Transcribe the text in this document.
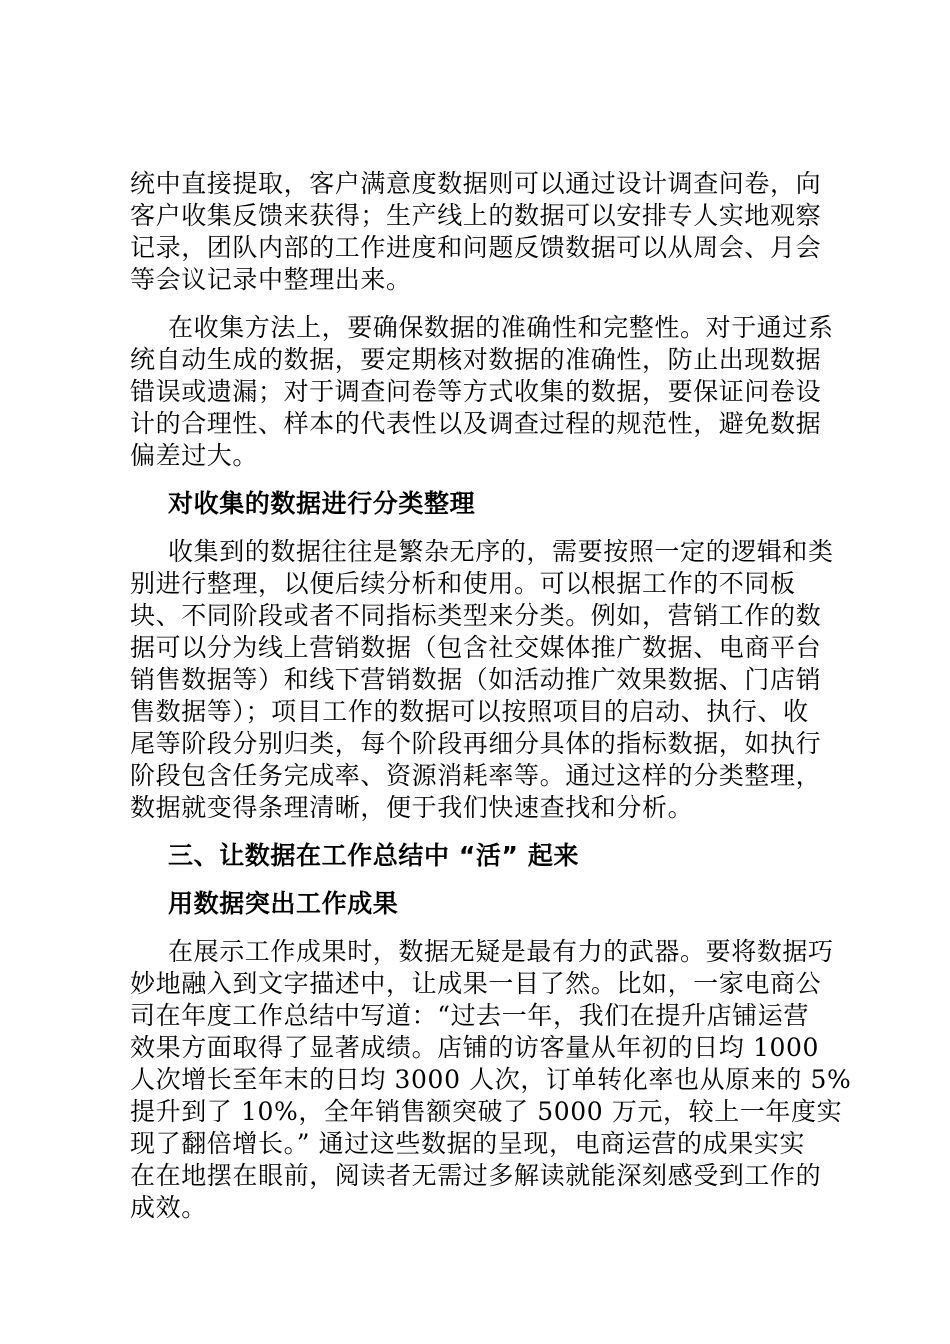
统中直接提取，客户满意度数据则可以通过设计调查问卷，向
客户收集反馈来获得；生产线上的数据可以安排专人实地观察
记录，团队内部的工作进度和问题反馈数据可以从周会、月会
等会议记录中整理出来。
在收集方法上，要确保数据的准确性和完整性。对于通过系
统自动生成的数据，要定期核对数据的准确性，防止出现数据
错误或遗漏；对于调查问卷等方式收集的数据，要保证问卷设
计的合理性、样本的代表性以及调查过程的规范性，避免数据
偏差过大。
对收集的数据进行分类整理
收集到的数据往往是繁杂无序的，需要按照一定的逻辑和类
别进行整理，以便后续分析和使用。可以根据工作的不同板
块、不同阶段或者不同指标类型来分类。例如，营销工作的数
据可以分为线上营销数据（包含社交媒体推广数据、电商平台
销售数据等）和线下营销数据（如活动推广效果数据、门店销
售数据等）；项目工作的数据可以按照项目的启动、执行、收
尾等阶段分别归类，每个阶段再细分具体的指标数据，如执行
阶段包含任务完成率、资源消耗率等。通过这样的分类整理，
数据就变得条理清晰，便于我们快速查找和分析。
三、让数据在工作总结中 “活” 起来
用数据突出工作成果
在展示工作成果时，数据无疑是最有力的武器。要将数据巧
妙地融入到文字描述中，让成果一目了然。比如，一家电商公
司在年度工作总结中写道：“过去一年，我们在提升店铺运营
效果方面取得了显著成绩。店铺的访客量从年初的日均 1000
人次增长至年末的日均 3000 人次，订单转化率也从原来的 5%
提升到了 10%，全年销售额突破了 5000 万元，较上一年度实
现了翻倍增长。” 通过这些数据的呈现，电商运营的成果实实
在在地摆在眼前，阅读者无需过多解读就能深刻感受到工作的
成效。
